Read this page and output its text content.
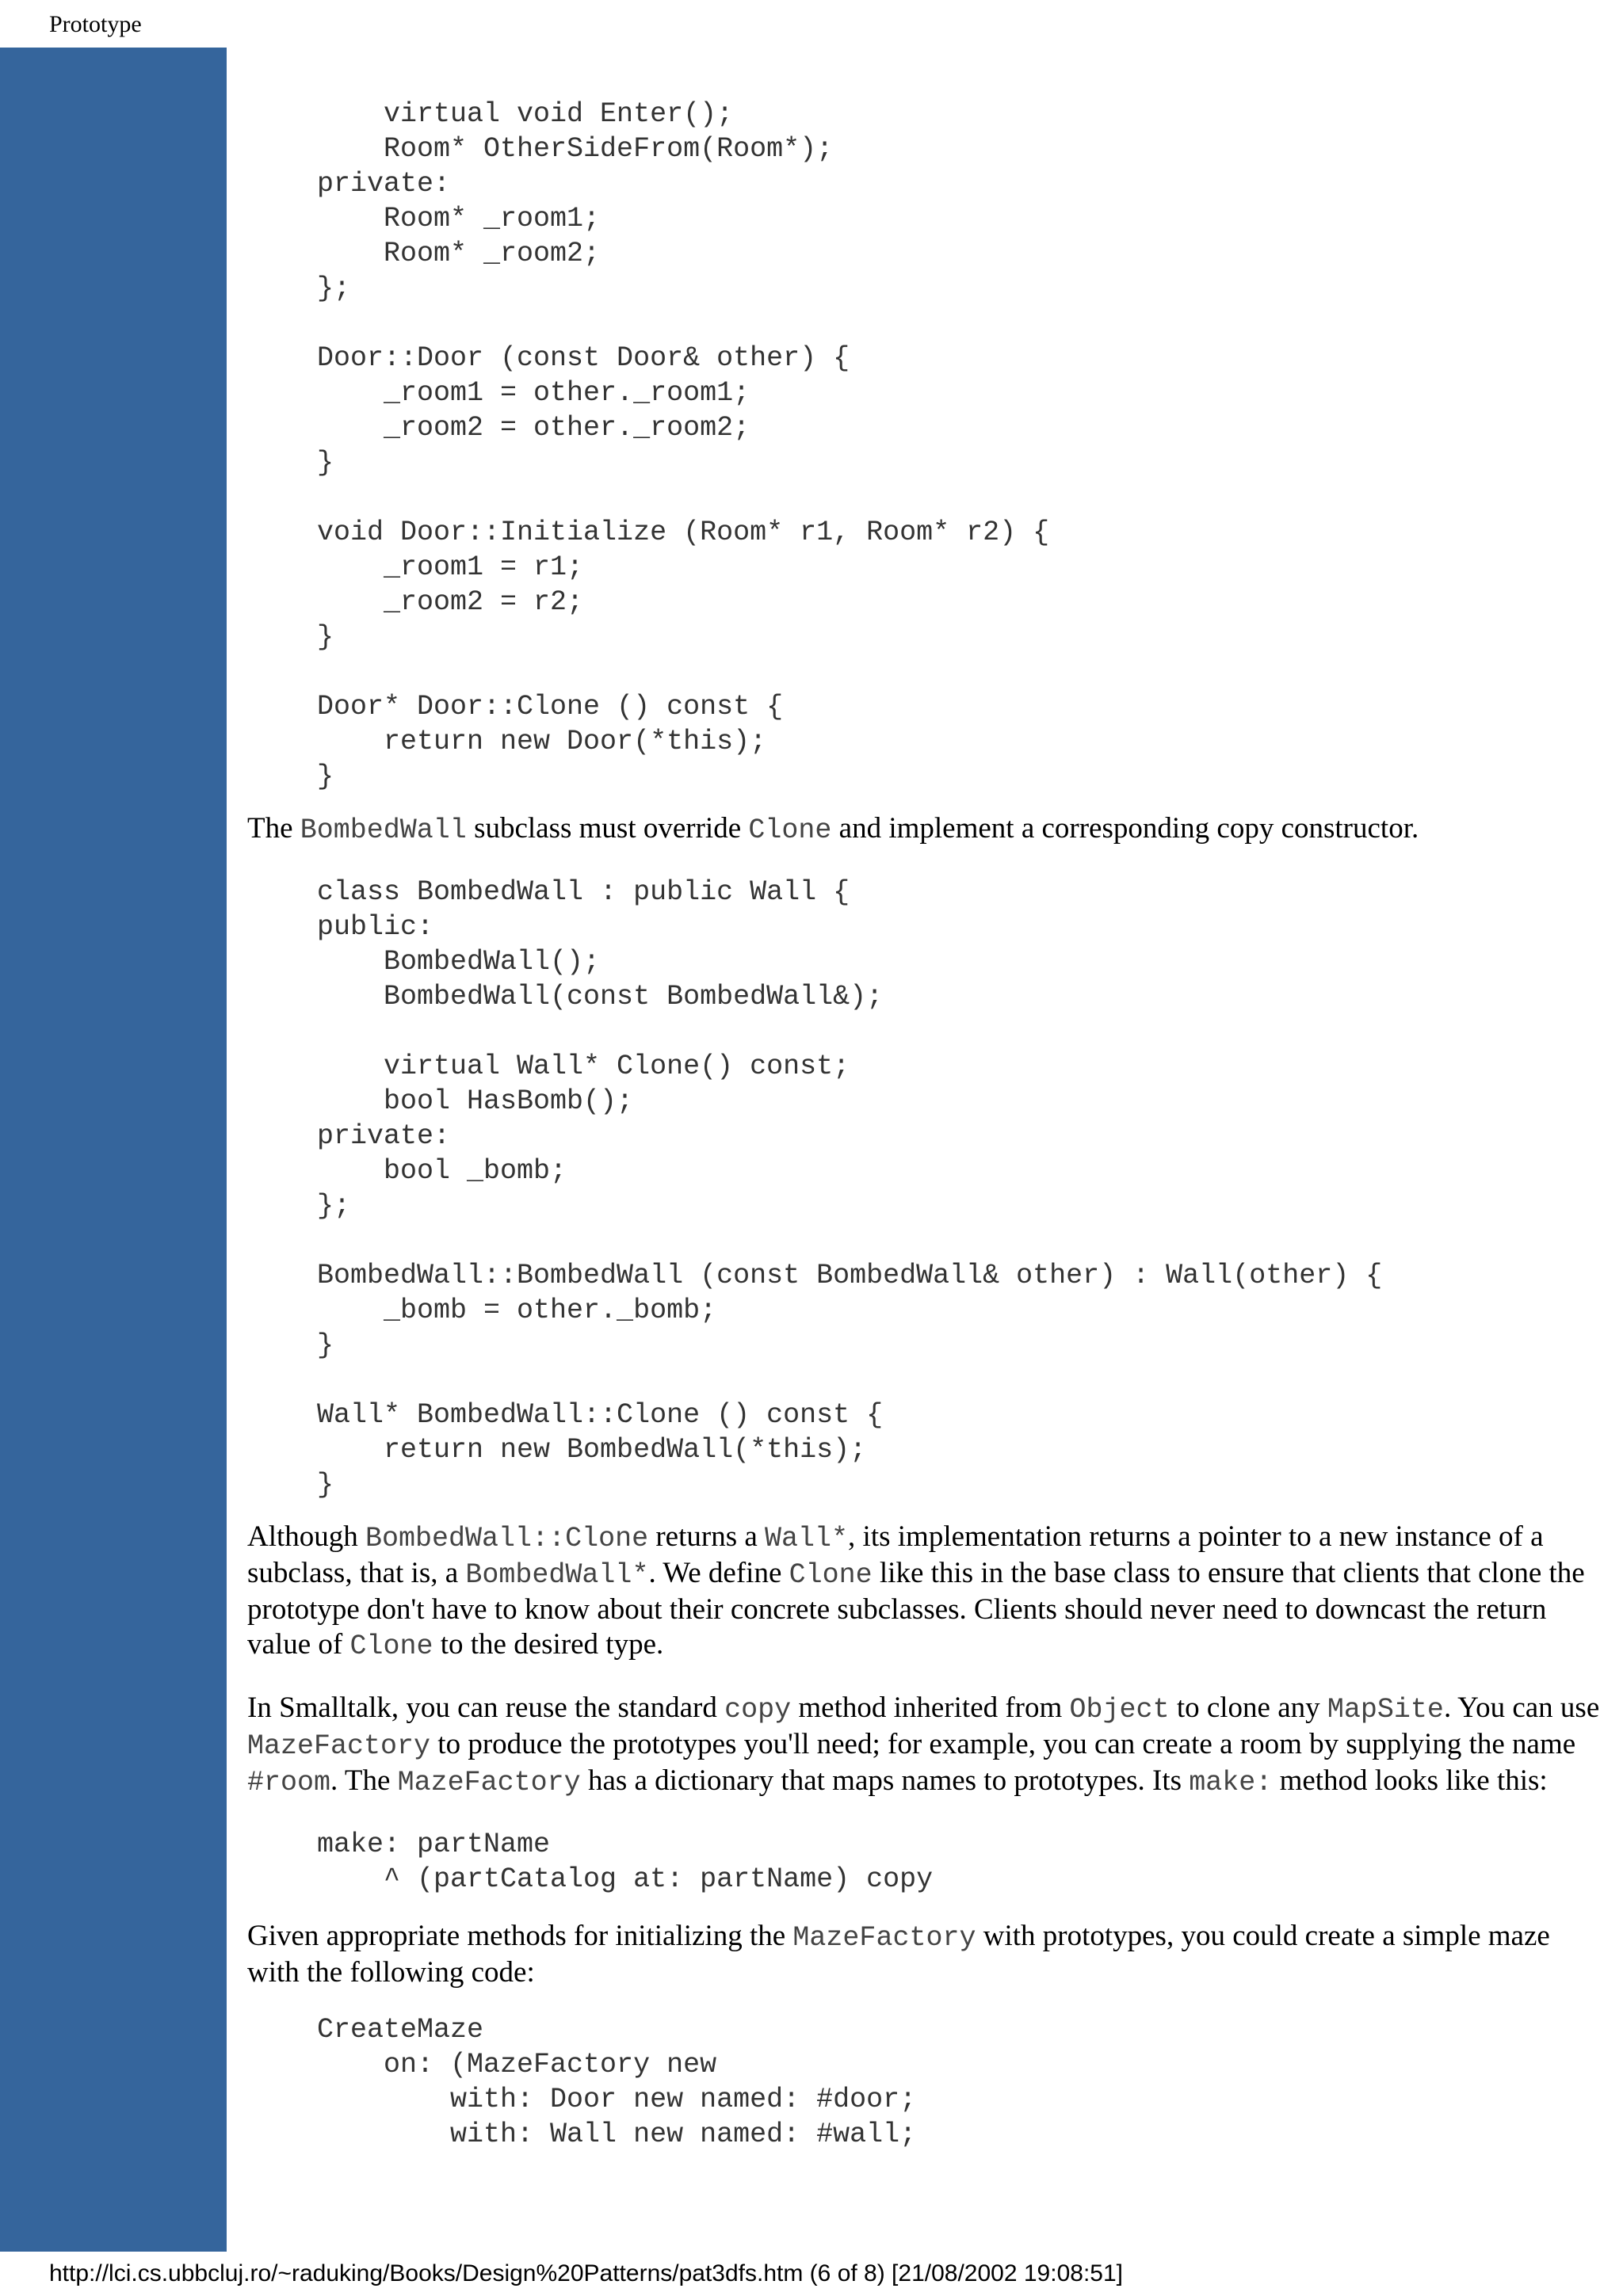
Prototype
virtual void Enter();
Room* OtherSideFrom(Room*);
private:
Room* _room1;
Room* _room2;
};
Door::Door (const Door& other) {
_room1 = other._room1;
_room2 = other._room2;
}
void Door::Initialize (Room* r1, Room* r2) {
_room1 = r1;
_room2 = r2;
}
Door* Door::Clone () const {
return new Door(*this);
}
The BombedWall subclass must override Clone and implement a corresponding copy constructor.
class BombedWall : public Wall {
public:
BombedWall();
BombedWall(const BombedWall&);
virtual Wall* Clone() const;
bool HasBomb();
private:
bool _bomb;
};
BombedWall::BombedWall (const BombedWall& other) : Wall(other) {
_bomb = other._bomb;
}
Wall* BombedWall::Clone () const {
return new BombedWall(*this);
}
Although BombedWall::Clone returns a Wall*, its implementation returns a pointer to a new instance of a subclass, that is, a BombedWall*. We define Clone like this in the base class to ensure that clients that clone the prototype don't have to know about their concrete subclasses. Clients should never need to downcast the return value of Clone to the desired type.
In Smalltalk, you can reuse the standard copy method inherited from Object to clone any MapSite. You can use MazeFactory to produce the prototypes you'll need; for example, you can create a room by supplying the name #room. The MazeFactory has a dictionary that maps names to prototypes. Its make: method looks like this:
make: partName
^ (partCatalog at: partName) copy
Given appropriate methods for initializing the MazeFactory with prototypes, you could create a simple maze with the following code:
CreateMaze
on: (MazeFactory new
with: Door new named: #door;
with: Wall new named: #wall;
http://lci.cs.ubbcluj.ro/~raduking/Books/Design%20Patterns/pat3dfs.htm (6 of 8) [21/08/2002 19:08:51]
